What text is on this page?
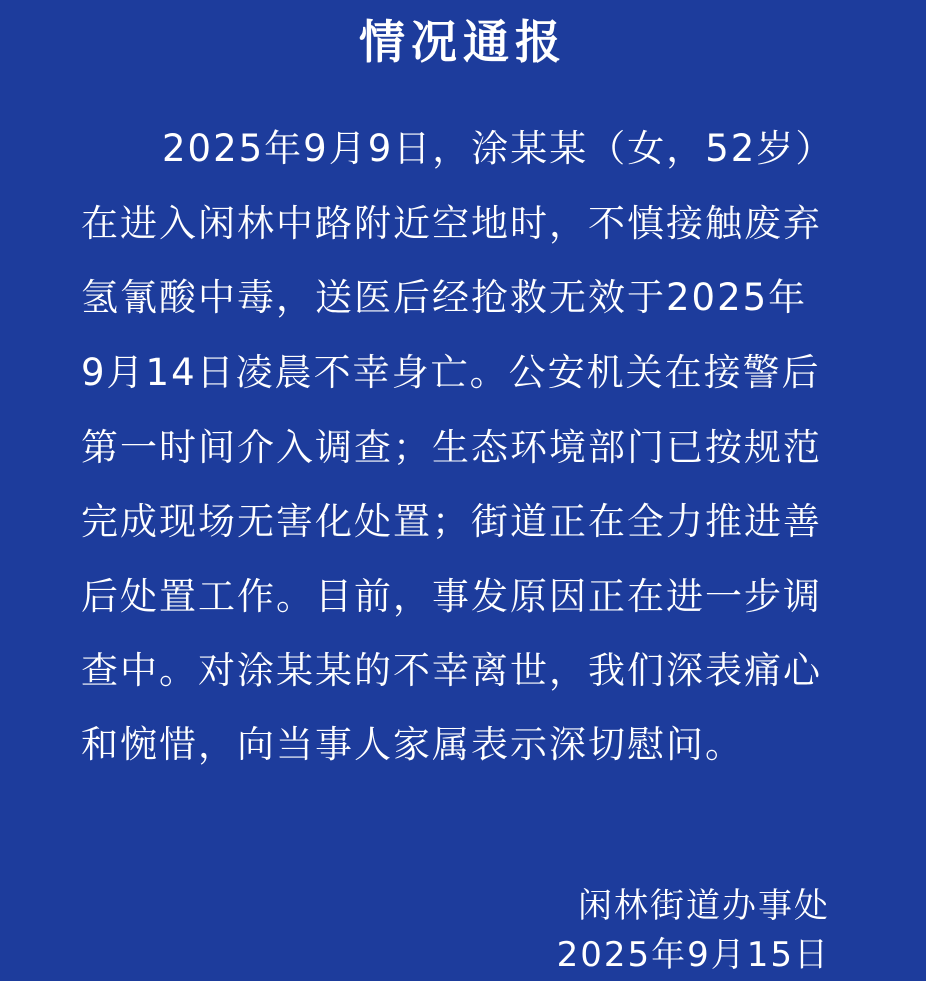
情况通报
2025年9月9日，涂某某（女，52岁）
在进入闲林中路附近空地时，不慎接触废弃
氢氰酸中毒，送医后经抢救无效于2025年
9月14日凌晨不幸身亡。公安机关在接警后
第一时间介入调查；生态环境部门已按规范
完成现场无害化处置；街道正在全力推进善
后处置工作。目前，事发原因正在进一步调
查中。对涂某某的不幸离世，我们深表痛心
和惋惜，向当事人家属表示深切慰问。
闲林街道办事处
2025年9月15日
